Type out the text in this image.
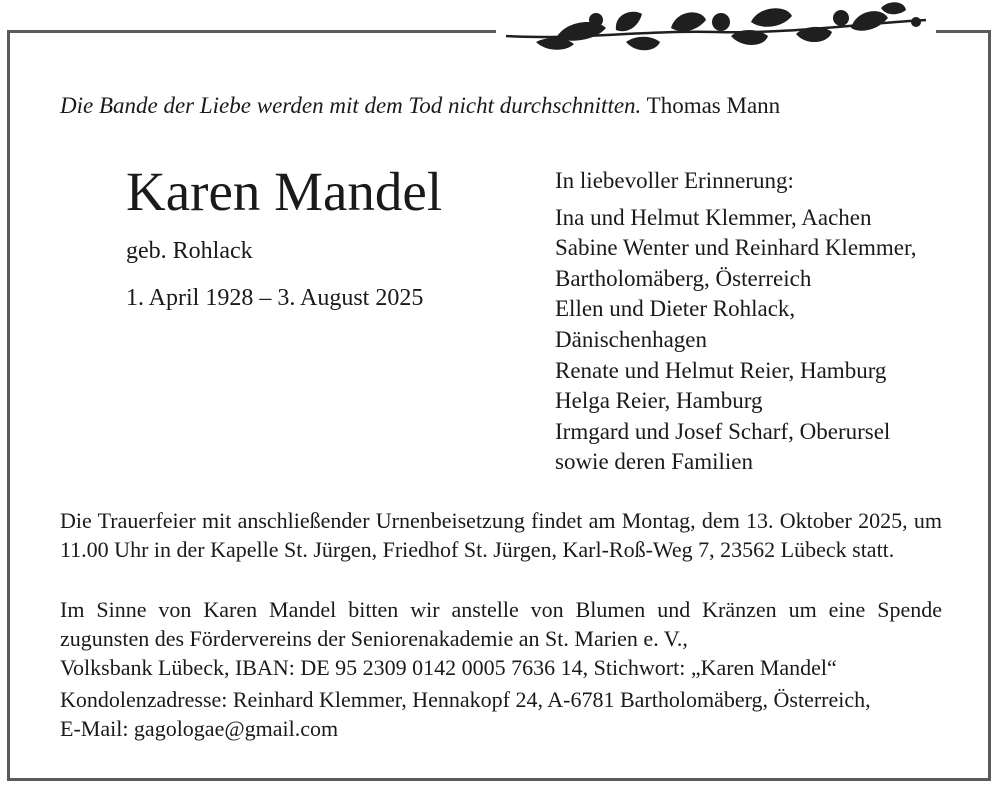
Die Bande der Liebe werden mit dem Tod nicht durchschnitten. Thomas Mann
Karen Mandel
geb. Rohlack
1. April 1928 – 3. August 2025
In liebevoller Erinnerung:
Ina und Helmut Klemmer, Aachen
Sabine Wenter und Reinhard Klemmer,
Bartholomäberg, Österreich
Ellen und Dieter Rohlack,
Dänischenhagen
Renate und Helmut Reier, Hamburg
Helga Reier, Hamburg
Irmgard und Josef Scharf, Oberursel
sowie deren Familien
Die Trauerfeier mit anschließender Urnenbeisetzung findet am Montag, dem 13. Oktober 2025, um 11.00 Uhr in der Kapelle St. Jürgen, Friedhof St. Jürgen, Karl-Roß-Weg 7, 23562 Lübeck statt.
Im Sinne von Karen Mandel bitten wir anstelle von Blumen und Kränzen um eine Spende zugunsten des Fördervereins der Seniorenakademie an St. Marien e. V.,
Volksbank Lübeck, IBAN: DE 95 2309 0142 0005 7636 14, Stichwort: „Karen Mandel“
Kondolenzadresse: Reinhard Klemmer, Hennakopf 24, A-6781 Bartholomäberg, Österreich,
E-Mail: gagologae@gmail.com
